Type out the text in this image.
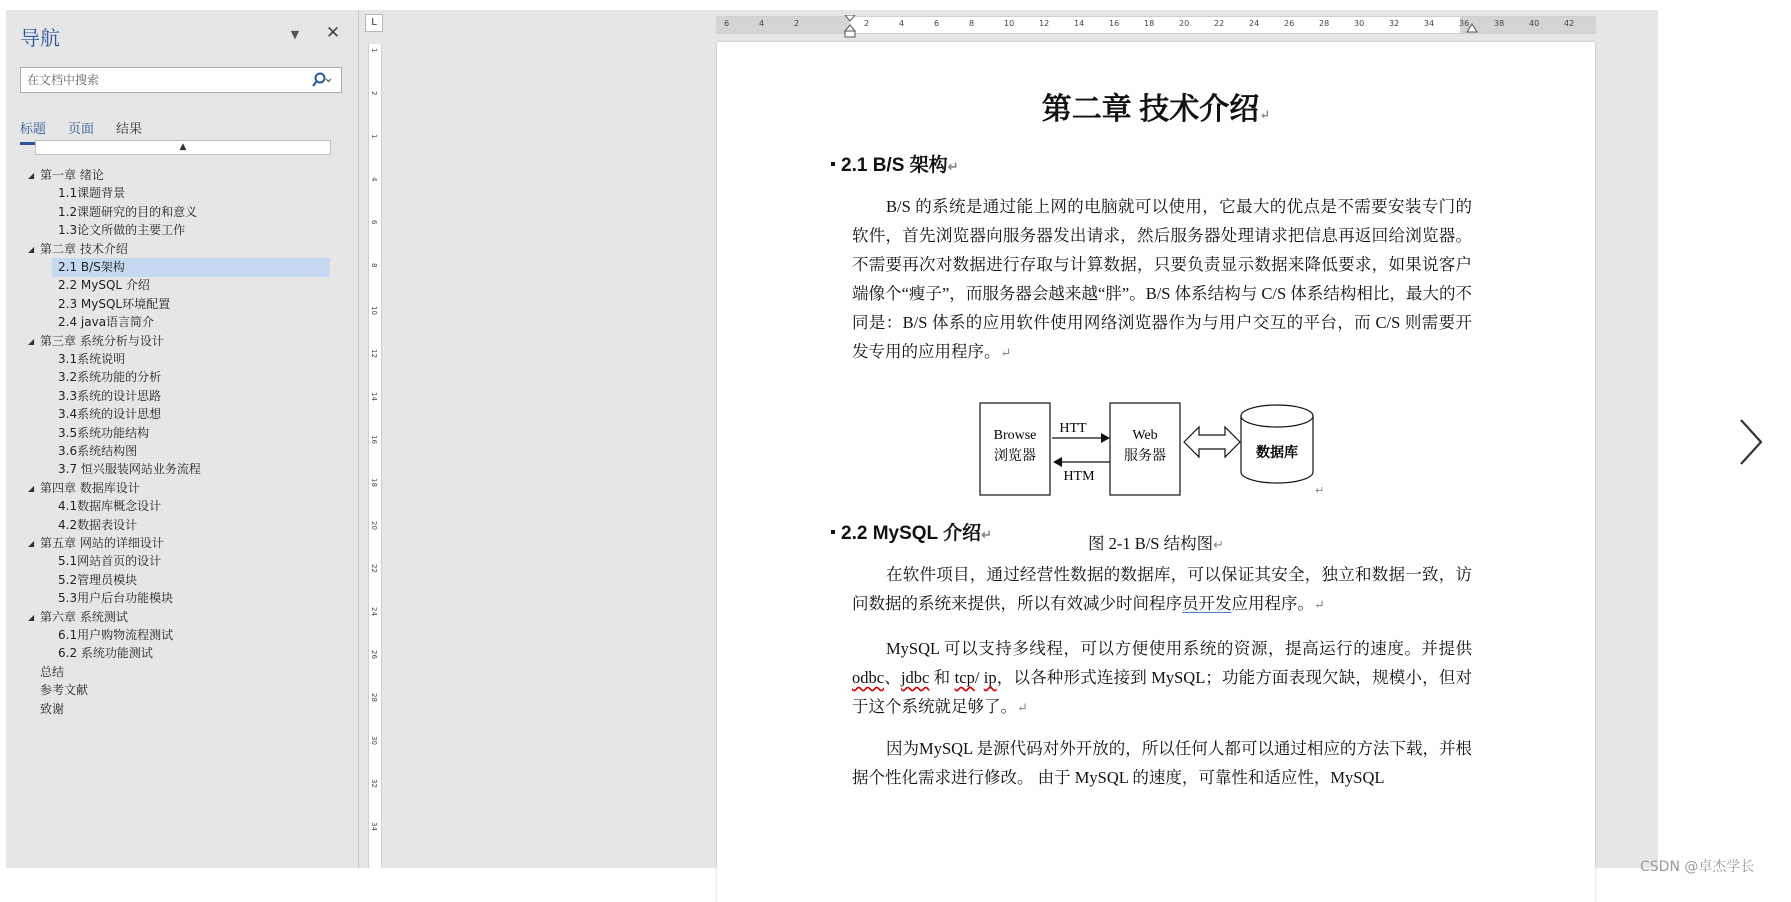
导航	▼ ✕
在文档中搜索
标题 页面 结果
▲
◢ 第一章 绪论
1.1课题背景
1.2课题研究的目的和意义
1.3论文所做的主要工作
◢ 第二章 技术介绍
2.1 B/S架构
2.2 MySQL 介绍
2.3 MySQL环境配置
2.4 java语言简介
◢ 第三章 系统分析与设计
3.1系统说明
3.2系统功能的分析
3.3系统的设计思路
3.4系统的设计思想
3.5系统功能结构
3.6系统结构图
3.7 恒兴服装网站业务流程
◢ 第四章 数据库设计
4.1数据库概念设计
4.2数据表设计
◢ 第五章 网站的详细设计
5.1网站首页的设计
5.2管理员模块
5.3用户后台功能模块
◢ 第六章 系统测试
6.1用户购物流程测试
6.2 系统功能测试
总结
参考文献
致谢
L
1
2
1
4
6
8
10
12
14
16
18
20
22
24
26
28
30
32
34
6	4	2	2	4	6	8	10	12	14	16	18	20	22	24	26	28	30	32	34	36	38	40	42
第二章 技术介绍↵
2.1 B/S 架构↵
B/S 的系统是通过能上网的电脑就可以使用，它最大的优点是不需要安装专门的软件，首先浏览器向服务器发出请求，然后服务器处理请求把信息再返回给浏览器。不需要再次对数据进行存取与计算数据，只要负责显示数据来降低要求，如果说客户端像个“瘦子”，而服务器会越来越“胖”。B/S 体系结构与 C/S 体系结构相比，最大的不同是：B/S 体系的应用软件使用网络浏览器作为与用户交互的平台，而 C/S 则需要开发专用的应用程序。↵
Browse
浏览器
HTT
HTM
Web
服务器	数据库
↵
图 2-1 B/S 结构图↵
2.2 MySQL 介绍↵
在软件项目，通过经营性数据的数据库，可以保证其安全，独立和数据一致，访问数据的系统来提供，所以有效减少时间程序员开发应用程序。↵
MySQL 可以支持多线程，可以方便使用系统的资源，提高运行的速度。并提供 odbc、jdbc 和 tcp/ ip，以各种形式连接到 MySQL；功能方面表现欠缺，规模小，但对于这个系统就足够了。↵
因为MySQL 是源代码对外开放的，所以任何人都可以通过相应的方法下载，并根据个性化需求进行修改。 由于 MySQL 的速度，可靠性和适应性，MySQL
CSDN @卓杰学长
